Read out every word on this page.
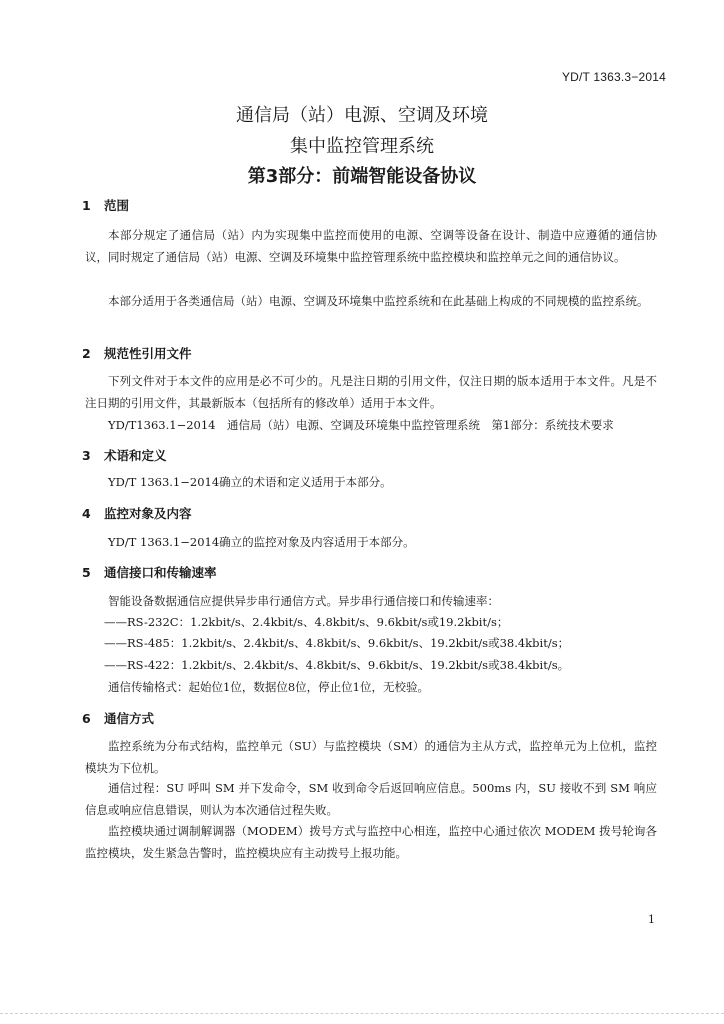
YD/T 1363.3−2014
通信局（站）电源、空调及环境
集中监控管理系统
第3部分：前端智能设备协议
1 范围
本部分规定了通信局（站）内为实现集中监控而使用的电源、空调等设备在设计、制造中应遵循的通信协议，同时规定了通信局（站）电源、空调及环境集中监控管理系统中监控模块和监控单元之间的通信协议。
本部分适用于各类通信局（站）电源、空调及环境集中监控系统和在此基础上构成的不同规模的监控系统。
2 规范性引用文件
下列文件对于本文件的应用是必不可少的。凡是注日期的引用文件，仅注日期的版本适用于本文件。凡是不注日期的引用文件，其最新版本（包括所有的修改单）适用于本文件。
YD/T1363.1−2014　通信局（站）电源、空调及环境集中监控管理系统　第1部分：系统技术要求
3 术语和定义
YD/T 1363.1−2014确立的术语和定义适用于本部分。
4 监控对象及内容
YD/T 1363.1−2014确立的监控对象及内容适用于本部分。
5 通信接口和传输速率
智能设备数据通信应提供异步串行通信方式。异步串行通信接口和传输速率：
——RS-232C：1.2kbit/s、2.4kbit/s、4.8kbit/s、9.6kbit/s或19.2kbit/s；
——RS-485：1.2kbit/s、2.4kbit/s、4.8kbit/s、9.6kbit/s、19.2kbit/s或38.4kbit/s；
——RS-422：1.2kbit/s、2.4kbit/s、4.8kbit/s、9.6kbit/s、19.2kbit/s或38.4kbit/s。
通信传输格式：起始位1位，数据位8位，停止位1位，无校验。
6 通信方式
监控系统为分布式结构，监控单元（SU）与监控模块（SM）的通信为主从方式，监控单元为上位机，监控模块为下位机。
通信过程：SU 呼叫 SM 并下发命令，SM 收到命令后返回响应信息。500ms 内，SU 接收不到 SM 响应信息或响应信息错误，则认为本次通信过程失败。
监控模块通过调制解调器（MODEM）拨号方式与监控中心相连，监控中心通过依次 MODEM 拨号轮询各监控模块，发生紧急告警时，监控模块应有主动拨号上报功能。
1
